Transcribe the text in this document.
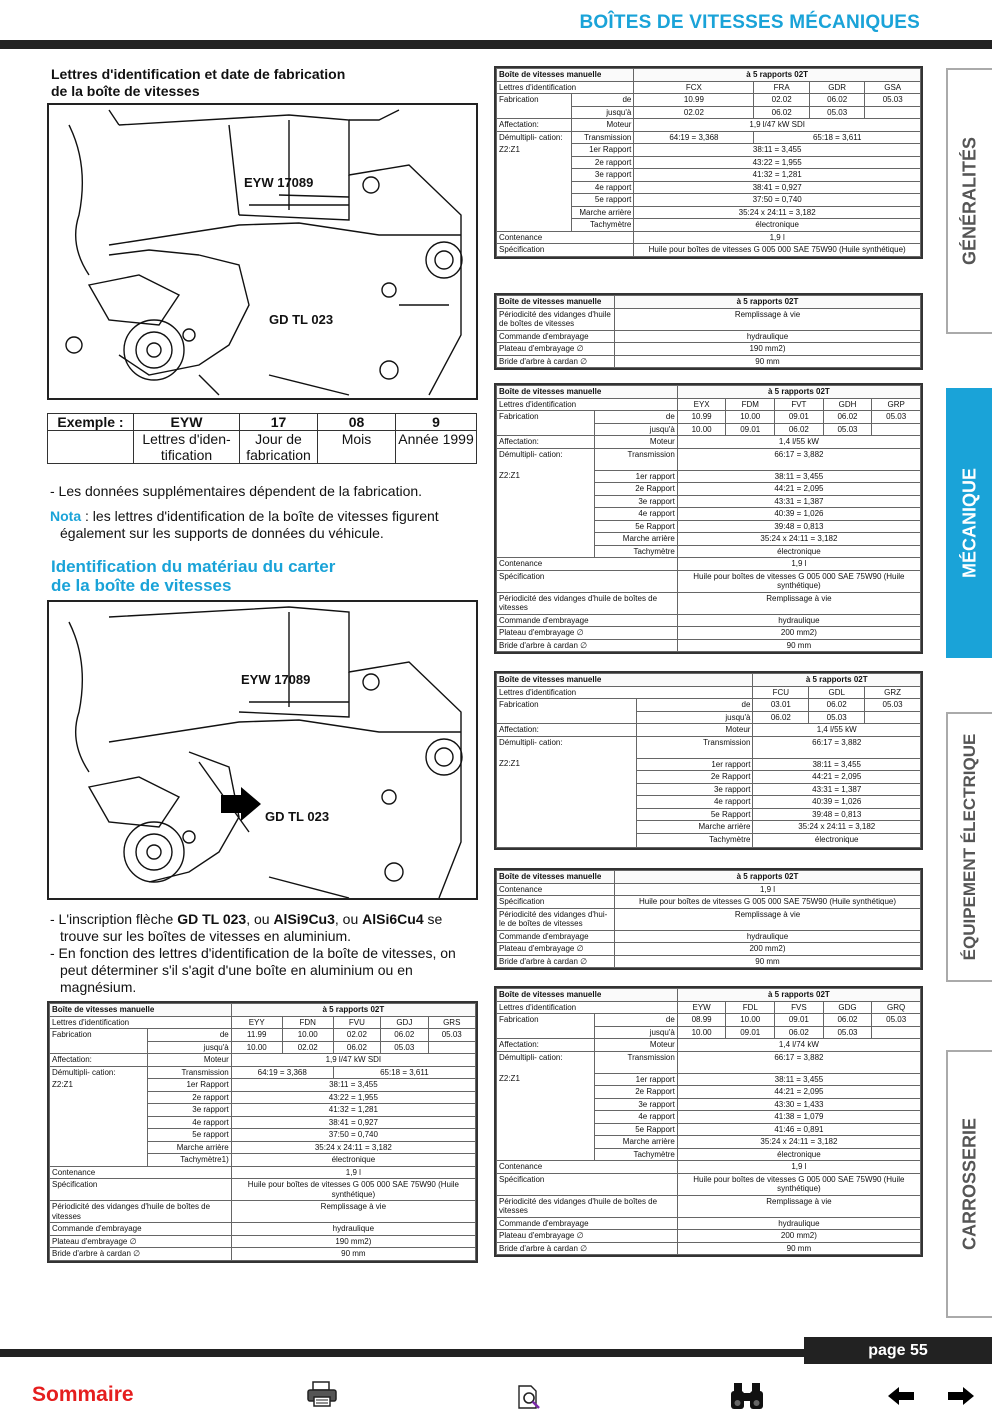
BOÎTES DE VITESSES MÉCANIQUES
Lettres d'identification et date de fabrication
de la boîte de vitesses
EYW 17089
GD TL 023
Exemple :	EYW	17	08	9
	Lettres d'iden- tification	Jour de fabrication	Mois	Année 1999
- Les données supplémentaires dépendent de la fabrication.
Nota : les lettres d'identification de la boîte de vitesses figurent également sur les supports de données du véhicule.
Identification du matériau du carter
de la boîte de vitesses
EYW 17089
GD TL 023
- L'inscription flèche GD TL 023, ou AlSi9Cu3, ou AlSi6Cu4 se trouve sur les boîtes de vitesses en aluminium.
- En fonction des lettres d'identification de la boîte de vitesses, on peut déterminer s'il s'agit d'une boîte en aluminium ou en magnésium.
Boîte de vitesses manuelle		à 5 rapports 02T				
Lettres d'identification		EYY	FDN	FVU	GDJ	GRS
Fabrication	de	11.99	10.00	02.02	06.02	05.03
	jusqu'à	10.00	02.02	06.02	05.03	
Affectation:	Moteur	1,9 l/47 kW SDI				
Démultipli- cation:	Transmission	64:19 = 3,368		65:18 = 3,611		
Z2:Z1	1er Rapport	38:11 = 3,455				
	2e rapport	43:22 = 1,955				
	3e rapport	41:32 = 1,281				
	4e rapport	38:41 = 0,927				
	5e rapport	37:50 = 0,740				
	Marche arrière	35:24 x 24:11 = 3,182				
	Tachymètre1)	électronique				
Contenance		1,9 l				
Spécification		Huile pour boîtes de vitesses G 005 000 SAE 75W90 (Huile synthétique)				
Périodicité des vidanges d'huile de boîtes de vitesses		Remplissage à vie				
Commande d'embrayage		hydraulique				
Plateau d'embrayage ∅		190 mm2)				
Bride d'arbre à cardan ∅		90 mm				
Boîte de vitesses manuelle		à 5 rapports 02T			
Lettres d'identification		FCX	FRA	GDR	GSA
Fabrication	de	10.99	02.02	06.02	05.03
	jusqu'à	02.02	06.02	05.03	
Affectation:	Moteur	1,9 l/47 kW SDI			
Démultipli- cation:	Transmission	64:19 = 3,368	65:18 = 3,611		
Z2:Z1	1er Rapport	38:11 = 3,455			
	2e rapport	43:22 = 1,955			
	3e rapport	41:32 = 1,281			
	4e rapport	38:41 = 0,927			
	5e rapport	37:50 = 0,740			
	Marche arrière	35:24 x 24:11 = 3,182			
	Tachymètre	électronique			
Contenance		1,9 l			
Spécification		Huile pour boîtes de vitesses G 005 000 SAE 75W90 (Huile synthétique)			
Boîte de vitesses manuelle	à 5 rapports 02T
Périodicité des vidanges d'huile de boîtes de vitesses	Remplissage à vie
Commande d'embrayage	hydraulique
Plateau d'embrayage ∅	190 mm2)
Bride d'arbre à cardan ∅	90 mm
Boîte de vitesses manuelle		à 5 rapports 02T				
Lettres d'identification		EYX	FDM	FVT	GDH	GRP
Fabrication	de	10.99	10.00	09.01	06.02	05.03
	jusqu'à	10.00	09.01	06.02	05.03	
Affectation:	Moteur	1,4 l/55 kW				
Démultipli- cation:	Transmission	66:17 = 3,882				
Z2:Z1	1er rapport	38:11 = 3,455				
	2e Rapport	44:21 = 2,095				
	3e rapport	43:31 = 1,387				
	4e rapport	40:39 = 1,026				
	5e Rapport	39:48 = 0,813				
	Marche arrière	35:24 x 24:11 = 3,182				
	Tachymètre	électronique				
Contenance		1,9 l				
Spécification		Huile pour boîtes de vitesses G 005 000 SAE 75W90 (Huile synthétique)				
Périodicité des vidanges d'huile de boîtes de vitesses		Remplissage à vie				
Commande d'embrayage		hydraulique				
Plateau d'embrayage ∅		200 mm2)				
Bride d'arbre à cardan ∅		90 mm				
Boîte de vitesses manuelle		à 5 rapports 02T		
Lettres d'identification		FCU	GDL	GRZ
Fabrication	de	03.01	06.02	05.03
	jusqu'à	06.02	05.03	
Affectation:	Moteur	1,4 l/55 kW		
Démultipli- cation:	Transmission	66:17 = 3,882		
Z2:Z1	1er rapport	38:11 = 3,455		
	2e Rapport	44:21 = 2,095		
	3e rapport	43:31 = 1,387		
	4e rapport	40:39 = 1,026		
	5e Rapport	39:48 = 0,813		
	Marche arrière	35:24 x 24:11 = 3,182		
	Tachymètre	électronique		
Boîte de vitesses manuelle	à 5 rapports 02T
Contenance	1,9 l
Spécification	Huile pour boîtes de vitesses G 005 000 SAE 75W90 (Huile synthétique)
Périodicité des vidanges d'hui- le de boîtes de vitesses	Remplissage à vie
Commande d'embrayage	hydraulique
Plateau d'embrayage ∅	200 mm2)
Bride d'arbre à cardan ∅	90 mm
Boîte de vitesses manuelle		à 5 rapports 02T				
Lettres d'identification		EYW	FDL	FVS	GDG	GRQ
Fabrication	de	08.99	10.00	09.01	06.02	05.03
	jusqu'à	10.00	09.01	06.02	05.03	
Affectation:	Moteur	1,4 l/74 kW				
Démultipli- cation:	Transmission	66:17 = 3,882				
Z2:Z1	1er rapport	38:11 = 3,455				
	2e Rapport	44:21 = 2,095				
	3e rapport	43:30 = 1,433				
	4e rapport	41:38 = 1,079				
	5e Rapport	41:46 = 0,891				
	Marche arrière	35:24 x 24:11 = 3,182				
	Tachymètre	électronique				
Contenance		1,9 l				
Spécification		Huile pour boîtes de vitesses G 005 000 SAE 75W90 (Huile synthétique)				
Périodicité des vidanges d'huile de boîtes de vitesses		Remplissage à vie				
Commande d'embrayage		hydraulique				
Plateau d'embrayage ∅		200 mm2)				
Bride d'arbre à cardan ∅		90 mm				
GÉNÉRALITÉS
MÉCANIQUE
ÉQUIPEMENT ÉLECTRIQUE
CARROSSERIE
page 55
Sommaire
